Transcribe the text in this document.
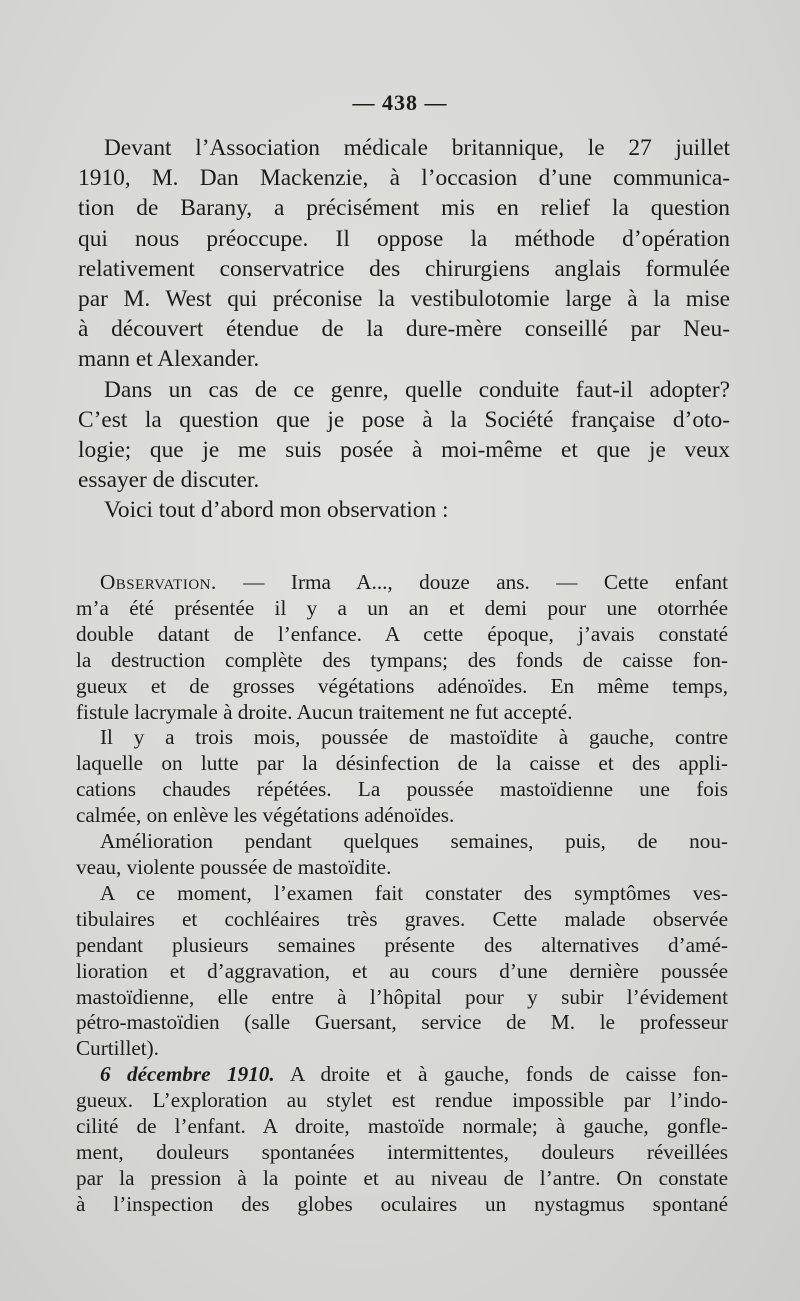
— 438 —

Devant l’Association médicale britannique, le 27 juillet

1910, M. Dan Mackenzie, à l’occasion d’une communica-

tion de Barany, a précisément mis en relief la question

qui nous préoccupe. Il oppose la méthode d’opération

relativement conservatrice des chirurgiens anglais formulée

par M. West qui préconise la vestibulotomie large à la mise

à découvert étendue de la dure-mère conseillé par Neu-

mann et Alexander.

Dans un cas de ce genre, quelle conduite faut-il adopter?

C’est la question que je pose à la Société française d’oto-

logie; que je me suis posée à moi-même et que je veux

essayer de discuter.

Voici tout d’abord mon observation :

Observation. — Irma A..., douze ans. — Cette enfant

m’a été présentée il y a un an et demi pour une otorrhée

double datant de l’enfance. A cette époque, j’avais constaté

la destruction complète des tympans; des fonds de caisse fon-

gueux et de grosses végétations adénoïdes. En même temps,

fistule lacrymale à droite. Aucun traitement ne fut accepté.

Il y a trois mois, poussée de mastoïdite à gauche, contre

laquelle on lutte par la désinfection de la caisse et des appli-

cations chaudes répétées. La poussée mastoïdienne une fois

calmée, on enlève les végétations adénoïdes.

Amélioration pendant quelques semaines, puis, de nou-

veau, violente poussée de mastoïdite.

A ce moment, l’examen fait constater des symptômes ves-

tibulaires et cochléaires très graves. Cette malade observée

pendant plusieurs semaines présente des alternatives d’amé-

lioration et d’aggravation, et au cours d’une dernière poussée

mastoïdienne, elle entre à l’hôpital pour y subir l’évidement

pétro-mastoïdien (salle Guersant, service de M. le professeur

Curtillet).

6 décembre 1910. A droite et à gauche, fonds de caisse fon-

gueux. L’exploration au stylet est rendue impossible par l’indo-

cilité de l’enfant. A droite, mastoïde normale; à gauche, gonfle-

ment, douleurs spontanées intermittentes, douleurs réveillées

par la pression à la pointe et au niveau de l’antre. On constate

à l’inspection des globes oculaires un nystagmus spontané
